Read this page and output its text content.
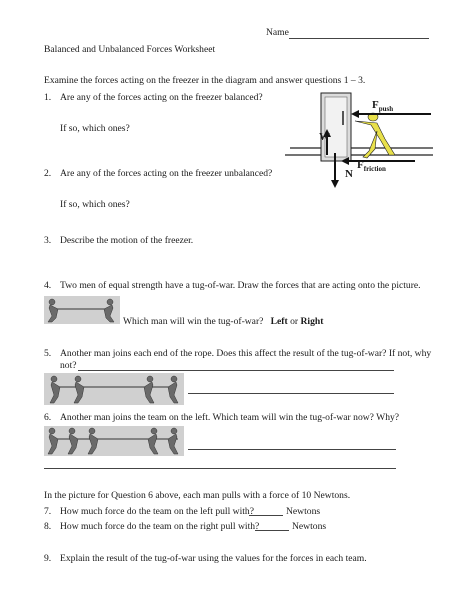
Name
Balanced and Unbalanced Forces Worksheet
Examine the forces acting on the freezer in the diagram and answer questions 1 – 3.
1. Are any of the forces acting on the freezer balanced?
If so, which ones?
$F_{push}$
$F_{friction}$
W
N
2. Are any of the forces acting on the freezer unbalanced?
If so, which ones?
3. Describe the motion of the freezer.
4. Two men of equal strength have a tug-of-war. Draw the forces that are acting onto the picture.
Which man will win the tug-of-war? Left or Right
5. Another man joins each end of the rope. Does this affect the result of the tug-of-war? If not, why
not?
6. Another man joins the team on the left. Which team will win the tug-of-war now? Why?
In the picture for Question 6 above, each man pulls with a force of 10 Newtons.
7. How much force do the team on the left pull with?	Newtons
8. How much force do the team on the right pull with?	Newtons
9. Explain the result of the tug-of-war using the values for the forces in each team.
